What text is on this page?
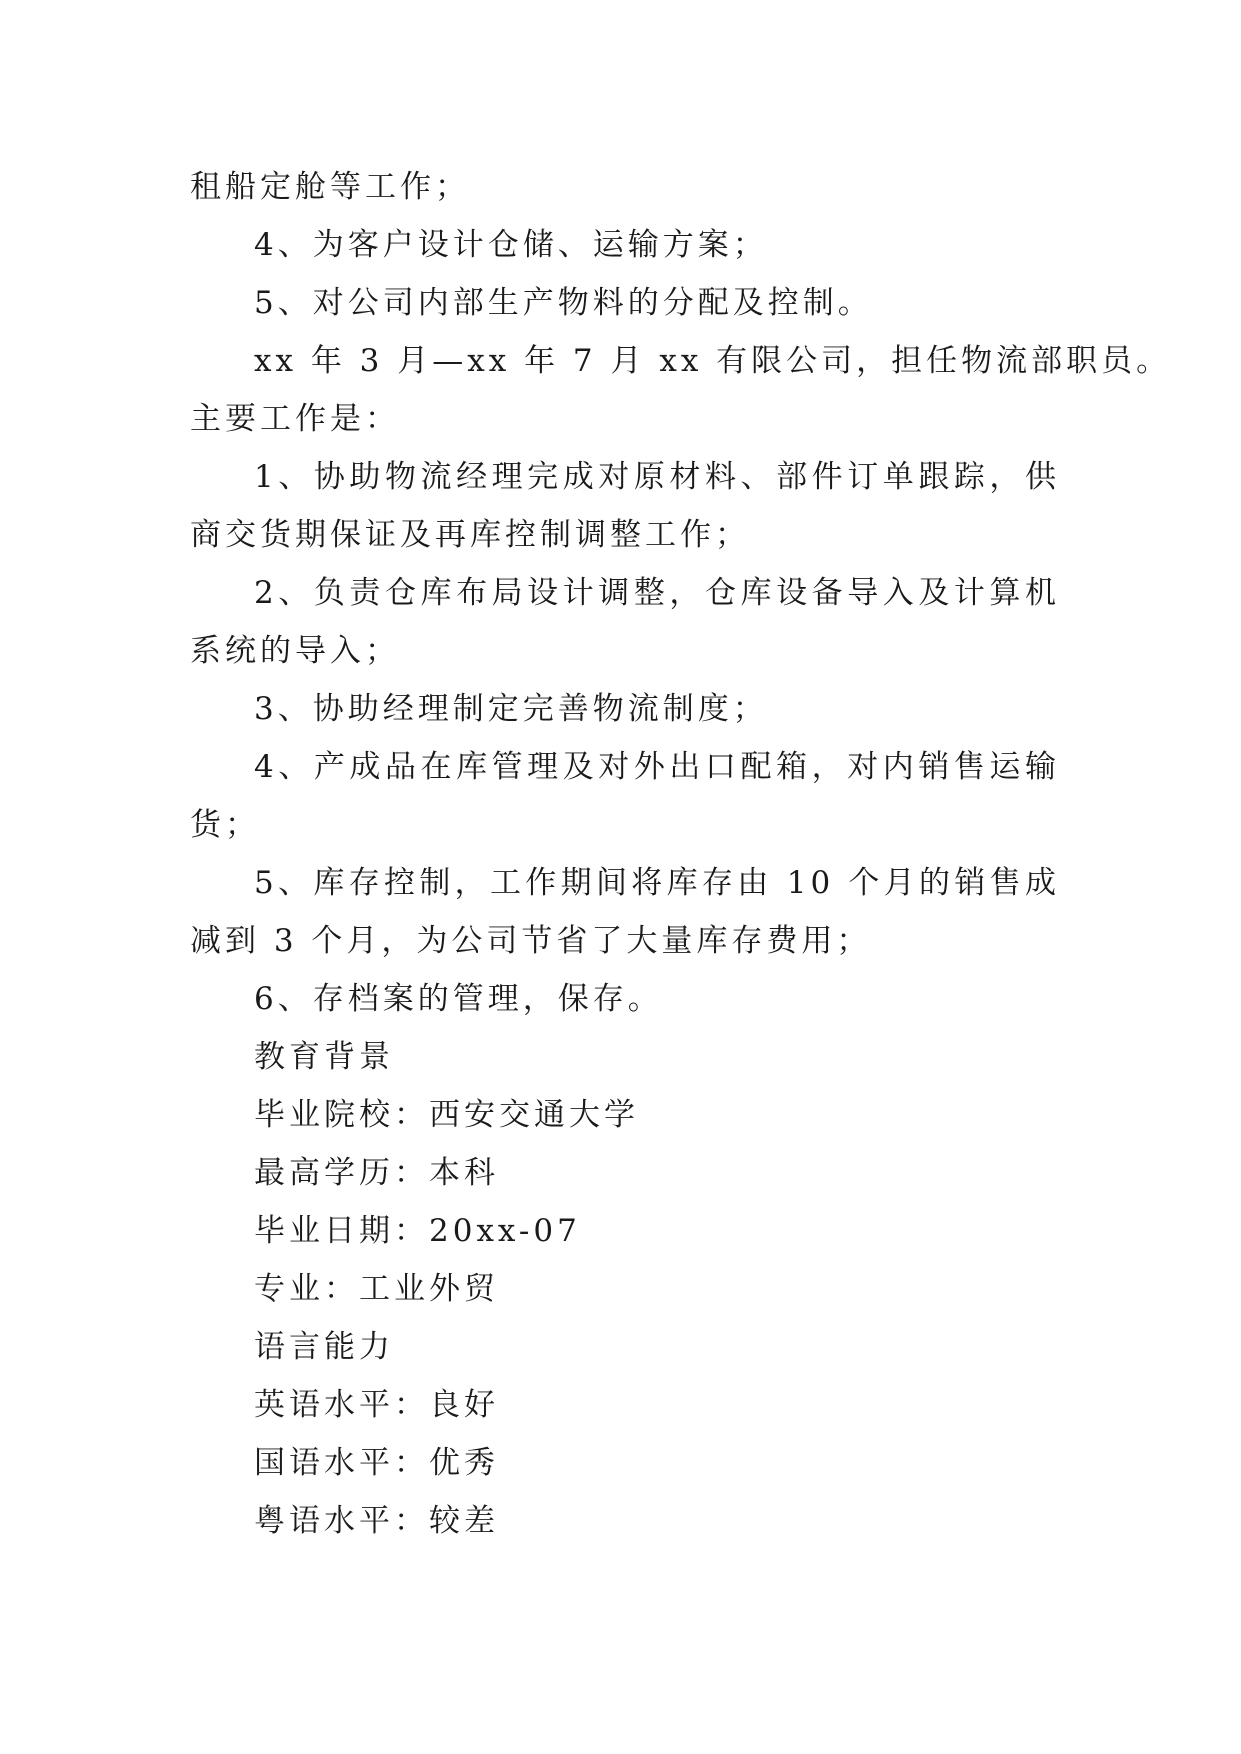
租船定舱等工作；
4、为客户设计仓储、运输方案；
5、对公司内部生产物料的分配及控制。
xx 年 3 月—xx 年 7 月 xx 有限公司，担任物流部职员。
主要工作是：
1、协助物流经理完成对原材料、部件订单跟踪，供
商交货期保证及再库控制调整工作；
2、负责仓库布局设计调整，仓库设备导入及计算机
系统的导入；
3、协助经理制定完善物流制度；
4、产成品在库管理及对外出口配箱，对内销售运输
货；
5、库存控制，工作期间将库存由 10 个月的销售成
减到 3 个月，为公司节省了大量库存费用；
6、存档案的管理，保存。
教育背景
毕业院校：西安交通大学
最高学历：本科
毕业日期：20xx-07
专业：工业外贸
语言能力
英语水平：良好
国语水平：优秀
粤语水平：较差
